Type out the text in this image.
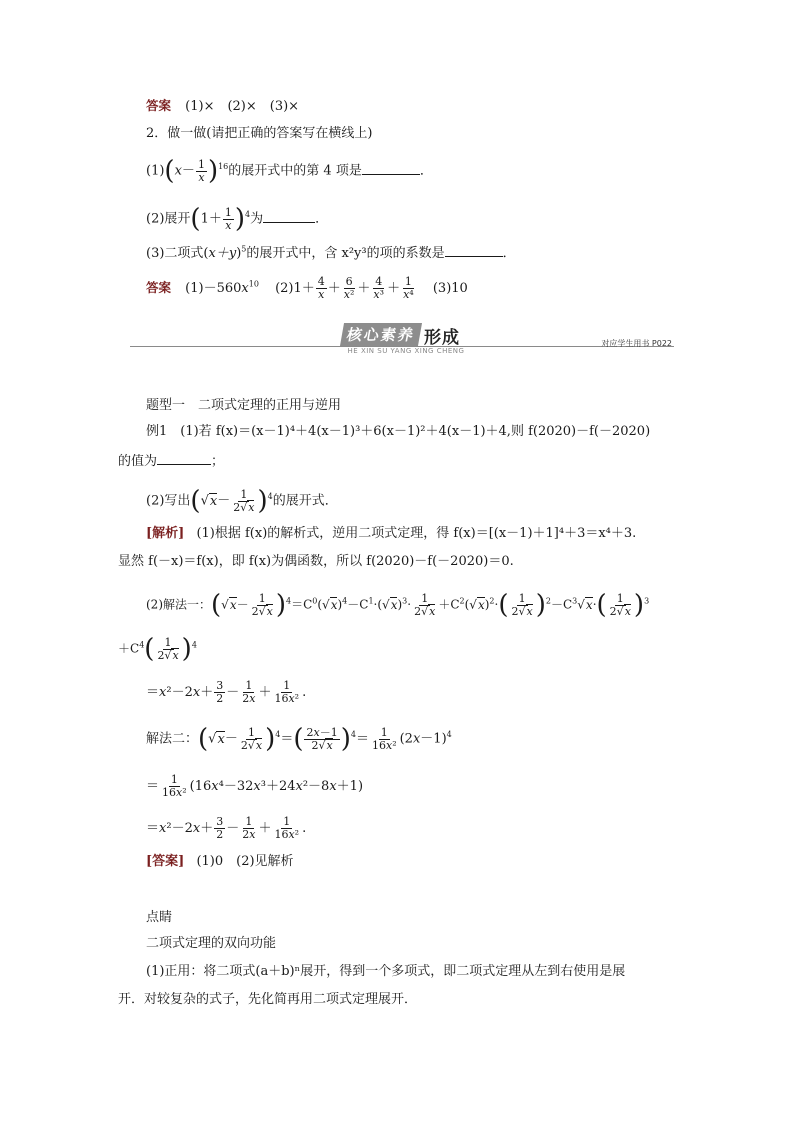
答案 (1)×　(2)×　(3)×
2．做一做(请把正确的答案写在横线上)
$(1)(x- \frac{1}{x} )^{16}$的展开式中的第 4 项是	．
(2)展开$(1+ \frac{1}{x} )^4$为	．
(3)二项式$(x+y)^5$的展开式中，含 x²y³的项的系数是	．
答案 $(1)-560x^{10}$ $(2)1+ \frac{4}{x} + \frac{6}{\text{x²}} + \frac{4}{\text{x³}} + \frac{1}{\text{x⁴}} (3)10$
核心素养 形成
HE XIN SU YANG XING CHENG
对应学生用书 P022
题型一　二项式定理的正用与逆用
例1　(1)若 f(x)＝(x－1)⁴＋4(x－1)³＋6(x－1)²＋4(x－1)＋4,则 f(2020)－f(－2020)
的值为	；
(2)写出$(√x- \frac{1}{2√x} )^4$的展开式．
[解析] (1)根据 f(x)的解析式，逆用二项式定理，得 f(x)＝[(x－1)＋1]⁴＋3＝x⁴＋3.
显然 f(－x)＝f(x)，即 f(x)为偶函数，所以 f(2020)－f(－2020)＝0.
(2)解法一：$(√x- \frac{1}{2√x} )^4=C^0(√x)^4-C^1\cdot(√x)^3\cdot \frac{1}{2√x} +C^2(√x)^2\cdot( \frac{1}{2√x} )^2-C^3√x\cdot( \frac{1}{2√x} )^3$
$+C^4( \frac{1}{2√x} )^4$
$=x^2-2x+ \frac{3}{2} - \frac{1}{2x} + \frac{1}{\text{16x²}}$ .
解法二：$(√x- \frac{1}{2√x} )^4=( \frac{2x-1}{2√x} )^4= \frac{1}{\text{16x²}} (2x-1)^4$
＝ $\frac{1}{\text{16x²}} (16x^4-32x^3+24x^2-8x+1)$
$=x^2-2x+ \frac{3}{2} - \frac{1}{2x} + \frac{1}{\text{16x²}}$ .
[答案] (1)0　(2)见解析
点睛
二项式定理的双向功能
(1)正用：将二项式(a＋b)ⁿ展开，得到一个多项式，即二项式定理从左到右使用是展
开．对较复杂的式子，先化简再用二项式定理展开．
